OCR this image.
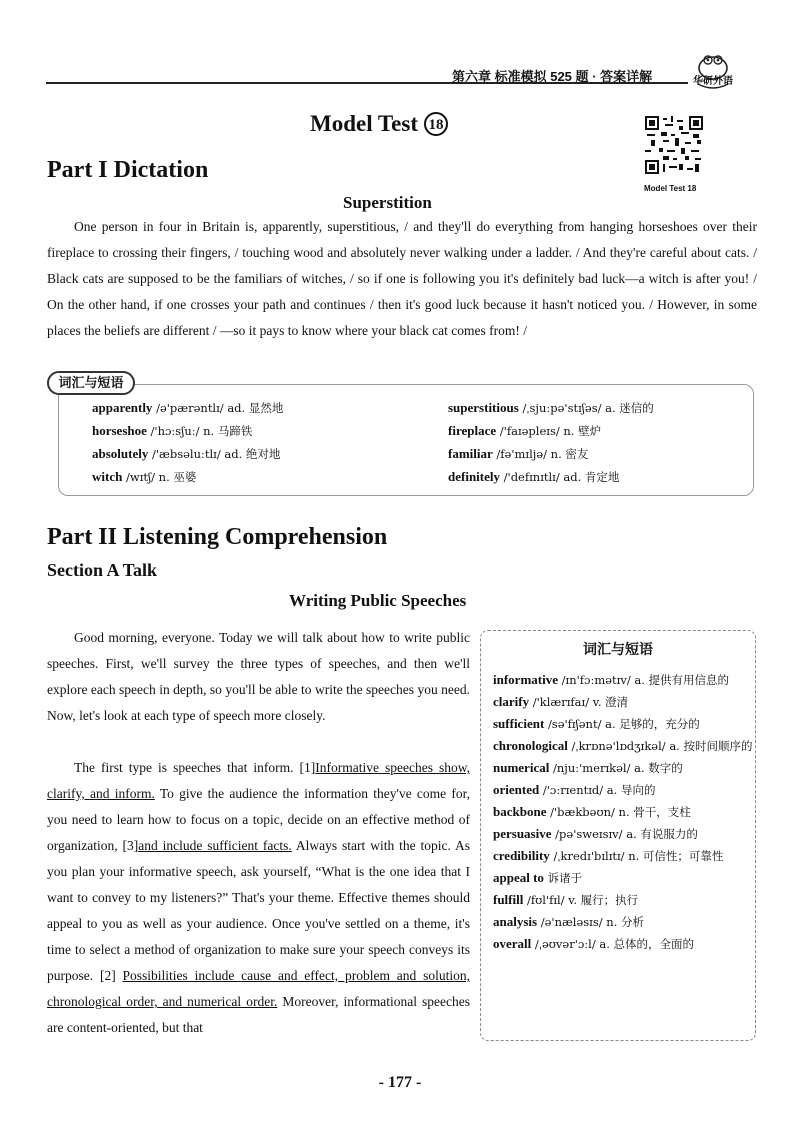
第六章 标准模拟 525 题 · 答案详解	华研外语
Model Test 18
Model Test 18
Part I Dictation
Superstition

One person in four in Britain is, apparently, superstitious, / and they'll do everything from hanging horseshoes over their fireplace to crossing their fingers, / touching wood and absolutely never walking under a ladder. / And they're careful about cats. / Black cats are supposed to be the familiars of witches, / so if one is following you it's definitely bad luck—a witch is after you! / On the other hand, if one crosses your path and continues / then it's good luck because it hasn't noticed you. / However, in some places the beliefs are different / —so it pays to know where your black cat comes from! /

词汇与短语
apparently /ə'pærəntlɪ/ ad. 显然地	superstitious /ˌsjuːpə'stɪʃəs/ a. 迷信的
horseshoe /'hɔːsʃuː/ n. 马蹄铁	fireplace /'faɪəpleɪs/ n. 壁炉
absolutely /'æbsəluːtlɪ/ ad. 绝对地	familiar /fə'mɪljə/ n. 密友
witch /wɪtʃ/ n. 巫婆	definitely /'defɪnɪtlɪ/ ad. 肯定地
Part II Listening Comprehension
Section A Talk
Writing Public Speeches

Good morning, everyone. Today we will talk about how to write public speeches. First, we'll survey the three types of speeches, and then we'll explore each speech in depth, so you'll be able to write the speeches you need. Now, let's look at each type of speech more closely.

The first type is speeches that inform. [1]Informative speeches show, clarify, and inform. To give the audience the information they've come for, you need to learn how to focus on a topic, decide on an effective method of organization, [3]and include sufficient facts. Always start with the topic. As you plan your informative speech, ask yourself, “What is the one idea that I want to convey to my listeners?” That's your theme. Effective themes should appeal to you as well as your audience. Once you've settled on a theme, it's time to select a method of organization to make sure your speech conveys its purpose. [2] Possibilities include cause and effect, problem and solution, chronological order, and numerical order. Moreover, informational speeches are content-oriented, but that

词汇与短语
informative /ɪn'fɔːmətɪv/ a. 提供有用信息的
clarify /'klærɪfaɪ/ v. 澄清
sufficient /sə'fɪʃənt/ a. 足够的，充分的
chronological /ˌkrɒnə'lɒdʒɪkəl/ a. 按时间顺序的
numerical /njuː'merɪkəl/ a. 数字的
oriented /'ɔːrɪentɪd/ a. 导向的
backbone /'bækbəʊn/ n. 骨干，支柱
persuasive /pə'sweɪsɪv/ a. 有说服力的
credibility /ˌkredɪ'bɪlɪtɪ/ n. 可信性；可靠性
appeal to 诉诸于
fulfill /fʊl'fɪl/ v. 履行；执行
analysis /ə'næləsɪs/ n. 分析
overall /ˌəʊvər'ɔːl/ a. 总体的，全面的
- 177 -
